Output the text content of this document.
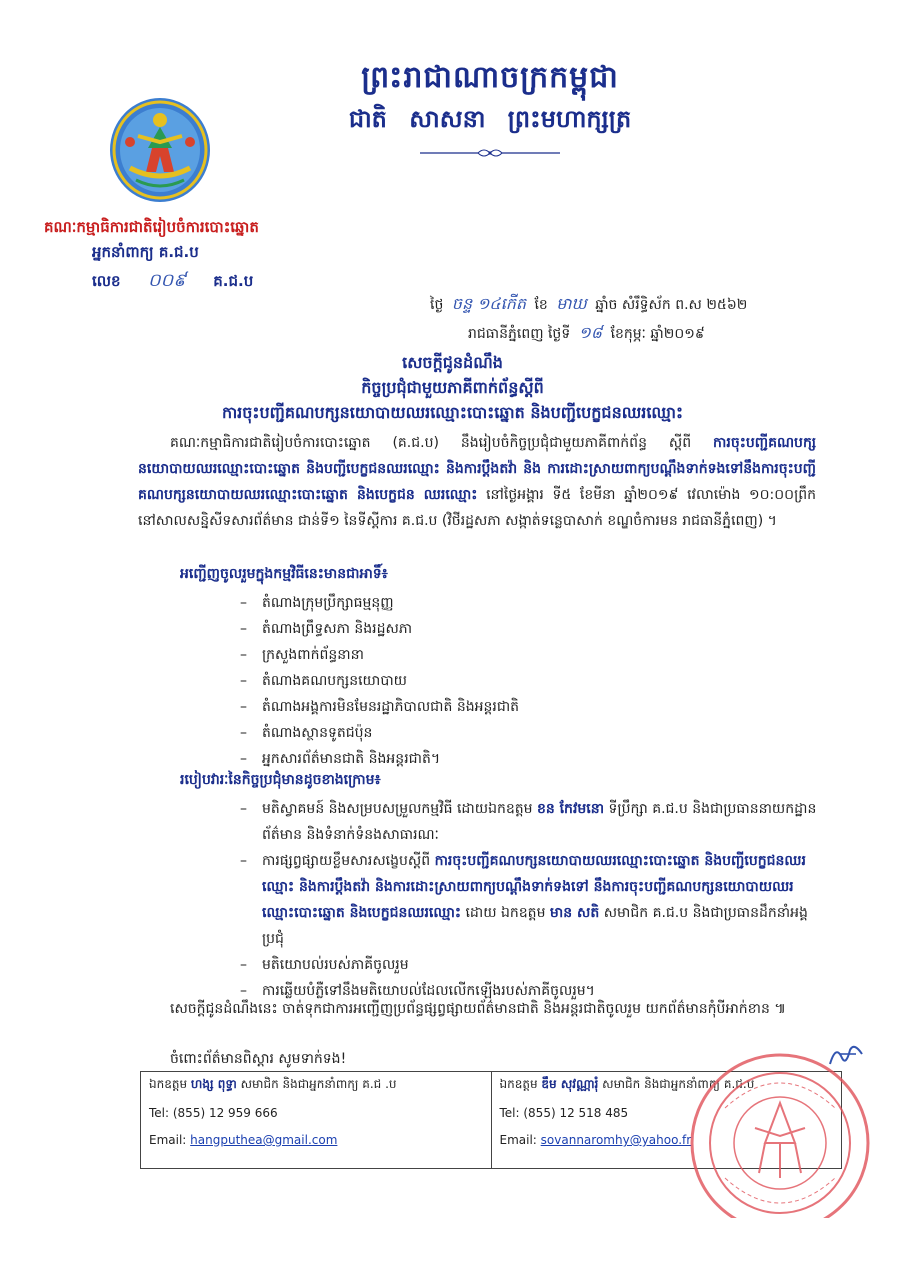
ព្រះរាជាណាចក្រកម្ពុជា
ជាតិ សាសនា ព្រះមហាក្សត្រ
គណៈកម្មាធិការជាតិរៀបចំការបោះឆ្នោត
អ្នកនាំពាក្យ គ.ជ.ប
លេខ ០០៩ គ.ជ.ប
ថ្ងៃ ចន្ទ ១៤កើត ខែ មាឃ ឆ្នាំច សំរឹទ្ធិស័ក ព.ស ២៥៦២
រាជធានីភ្នំពេញ ថ្ងៃទី ១៨ ខែកុម្ភៈ ឆ្នាំ២០១៩
សេចក្តីជូនដំណឹង
កិច្ចប្រជុំជាមួយភាគីពាក់ព័ន្ធស្តីពី
ការចុះបញ្ជីគណបក្សនយោបាយឈរឈ្មោះបោះឆ្នោត និងបញ្ជីបេក្ខជនឈរឈ្មោះ
គណៈកម្មាធិការជាតិរៀបចំការបោះឆ្នោត (គ.ជ.ប) នឹងរៀបចំកិច្ចប្រជុំជាមួយភាគីពាក់ព័ន្ធ ស្តីពី ការចុះបញ្ជីគណបក្សនយោបាយឈរឈ្មោះបោះឆ្នោត និងបញ្ជីបេក្ខជនឈរឈ្មោះ និងការប្តឹងតវ៉ា និង ការដោះស្រាយពាក្យបណ្តឹងទាក់ទងទៅនឹងការចុះបញ្ជីគណបក្សនយោបាយឈរឈ្មោះបោះឆ្នោត និងបេក្ខជន ឈរឈ្មោះ នៅថ្ងៃអង្គារ ទី៥ ខែមីនា ឆ្នាំ២០១៩ វេលាម៉ោង ១០:០០ព្រឹក នៅសាលសន្និសីទសារព័ត៌មាន ជាន់ទី១ នៃទីស្តីការ គ.ជ.ប (វិថីរដ្ឋសភា សង្កាត់ទន្លេបាសាក់ ខណ្ឌចំការមន រាជធានីភ្នំពេញ) ។
អញ្ជើញចូលរួមក្នុងកម្មវិធីនេះមានជាអាទិ៍៖
– តំណាងក្រុមប្រឹក្សាធម្មនុញ្ញ
– តំណាងព្រឹទ្ធសភា និងរដ្ឋសភា
– ក្រសួងពាក់ព័ន្ធនានា
– តំណាងគណបក្សនយោបាយ
– តំណាងអង្គការមិនមែនរដ្ឋាភិបាលជាតិ និងអន្តរជាតិ
– តំណាងស្ថានទូតជប៉ុន
– អ្នកសារព័ត៌មានជាតិ និងអន្តរជាតិ។
របៀបវារៈនៃកិច្ចប្រជុំមានដូចខាងក្រោម៖
– មតិស្វាគមន៍ និងសម្របសម្រួលកម្មវិធី ដោយឯកឧត្តម ខន កែវមនោ ទីប្រឹក្សា គ.ជ.ប និងជាប្រធាននាយកដ្ឋានព័ត៌មាន និងទំនាក់ទំនងសាធារណៈ
– ការផ្សព្វផ្សាយខ្លឹមសារសង្ខេបស្តីពី ការចុះបញ្ជីគណបក្សនយោបាយឈរឈ្មោះបោះឆ្នោត និងបញ្ជីបេក្ខជនឈរឈ្មោះ និងការប្តឹងតវ៉ា និងការដោះស្រាយពាក្យបណ្តឹងទាក់ទងទៅ នឹងការចុះបញ្ជីគណបក្សនយោបាយឈរឈ្មោះបោះឆ្នោត និងបេក្ខជនឈរឈ្មោះ ដោយ ឯកឧត្តម មាន សតិ សមាជិក គ.ជ.ប និងជាប្រធានដឹកនាំអង្គប្រជុំ
– មតិយោបល់របស់ភាគីចូលរួម
– ការឆ្លើយបំភ្លឺទៅនឹងមតិយោបល់ដែលលើកឡើងរបស់ភាគីចូលរួម។
សេចក្តីជូនដំណឹងនេះ ចាត់ទុកជាការអញ្ជើញប្រព័ន្ធផ្សព្វផ្សាយព័ត៌មានជាតិ និងអន្តរជាតិចូលរួម យកព័ត៌មានកុំបីអាក់ខាន ៕
ចំពោះព័ត៌មានពិស្តារ សូមទាក់ទង!
ឯកឧត្តម ហង្ស ពុទ្ធា សមាជិក និងជាអ្នកនាំពាក្យ គ.ជ .ប
Tel: (855) 12 959 666
Email: hangputhea@gmail.com
ឯកឧត្តម ឌឹម សុវណ្ណារុំ សមាជិក និងជាអ្នកនាំពាក្យ គ.ជ.ប
Tel: (855) 12 518 485
Email: sovannaromhy@yahoo.fr
